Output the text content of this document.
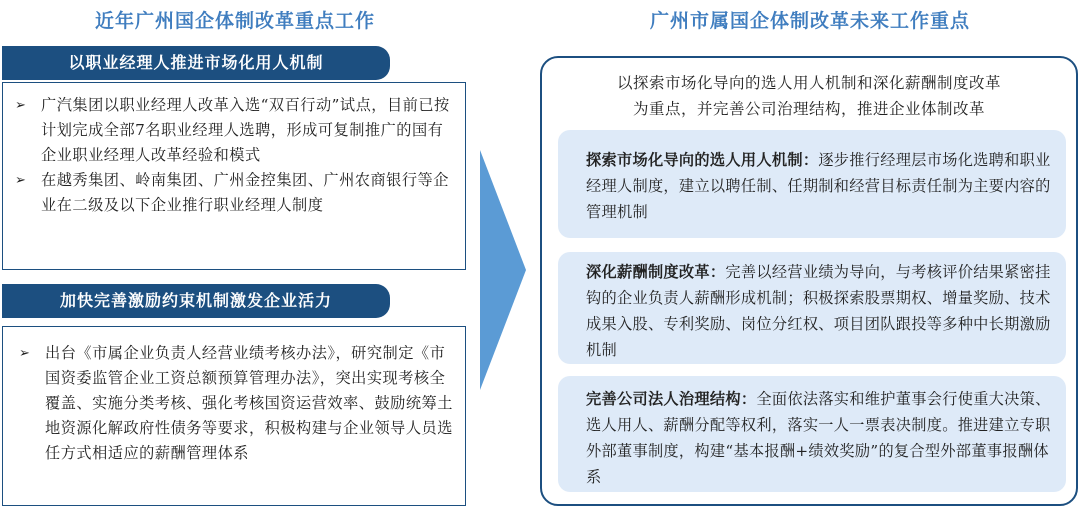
近年广州国企体制改革重点工作	广州市属国企体制改革未来工作重点
以职业经理人推进市场化用人机制
➢ 广汽集团以职业经理人改革入选“双百行动”试点，目前已按计划完成全部7名职业经理人选聘，形成可复制推广的国有企业职业经理人改革经验和模式
➢ 在越秀集团、岭南集团、广州金控集团、广州农商银行等企业在二级及以下企业推行职业经理人制度
加快完善激励约束机制激发企业活力
➢ 出台《市属企业负责人经营业绩考核办法》，研究制定《市国资委监管企业工资总额预算管理办法》，突出实现考核全覆盖、实施分类考核、强化考核国资运营效率、鼓励统筹土地资源化解政府性债务等要求，积极构建与企业领导人员选任方式相适应的薪酬管理体系
以探索市场化导向的选人用人机制和深化薪酬制度改革
为重点，并完善公司治理结构，推进企业体制改革
探索市场化导向的选人用人机制：逐步推行经理层市场化选聘和职业经理人制度，建立以聘任制、任期制和经营目标责任制为主要内容的管理机制
深化薪酬制度改革：完善以经营业绩为导向，与考核评价结果紧密挂钩的企业负责人薪酬形成机制；积极探索股票期权、增量奖励、技术成果入股、专利奖励、岗位分红权、项目团队跟投等多种中长期激励机制
完善公司法人治理结构：全面依法落实和维护董事会行使重大决策、选人用人、薪酬分配等权利，落实一人一票表决制度。推进建立专职外部董事制度，构建“基本报酬+绩效奖励”的复合型外部董事报酬体系
